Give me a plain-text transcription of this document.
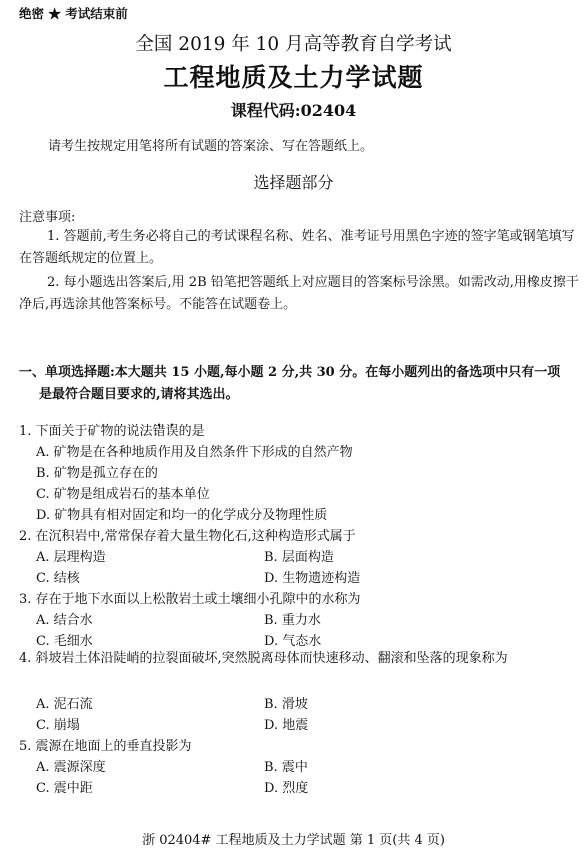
绝密 ★ 考试结束前
全国 2019 年 10 月高等教育自学考试
工程地质及土力学试题
课程代码:02404
请考生按规定用笔将所有试题的答案涂、写在答题纸上。
选择题部分
注意事项:
1. 答题前,考生务必将自己的考试课程名称、姓名、准考证号用黑色字迹的签字笔或钢笔填写在答题纸规定的位置上。
2. 每小题选出答案后,用 2B 铅笔把答题纸上对应题目的答案标号涂黑。如需改动,用橡皮擦干净后,再选涂其他答案标号。不能答在试题卷上。
一、单项选择题:本大题共 15 小题,每小题 2 分,共 30 分。在每小题列出的备选项中只有一项是最符合题目要求的,请将其选出。
1. 下面关于矿物的说法错误的是
A. 矿物是在各种地质作用及自然条件下形成的自然产物
B. 矿物是孤立存在的
C. 矿物是组成岩石的基本单位
D. 矿物具有相对固定和均一的化学成分及物理性质
2. 在沉积岩中,常常保存着大量生物化石,这种构造形式属于
A. 层理构造	B. 层面构造
C. 结核	D. 生物遗迹构造
3. 存在于地下水面以上松散岩土或土壤细小孔隙中的水称为
A. 结合水	B. 重力水
C. 毛细水	D. 气态水
4. 斜坡岩土体沿陡峭的拉裂面破坏,突然脱离母体而快速移动、翻滚和坠落的现象称为
A. 泥石流	B. 滑坡
C. 崩塌	D. 地震
5. 震源在地面上的垂直投影为
A. 震源深度	B. 震中
C. 震中距	D. 烈度
浙 02404# 工程地质及土力学试题 第 1 页(共 4 页)
